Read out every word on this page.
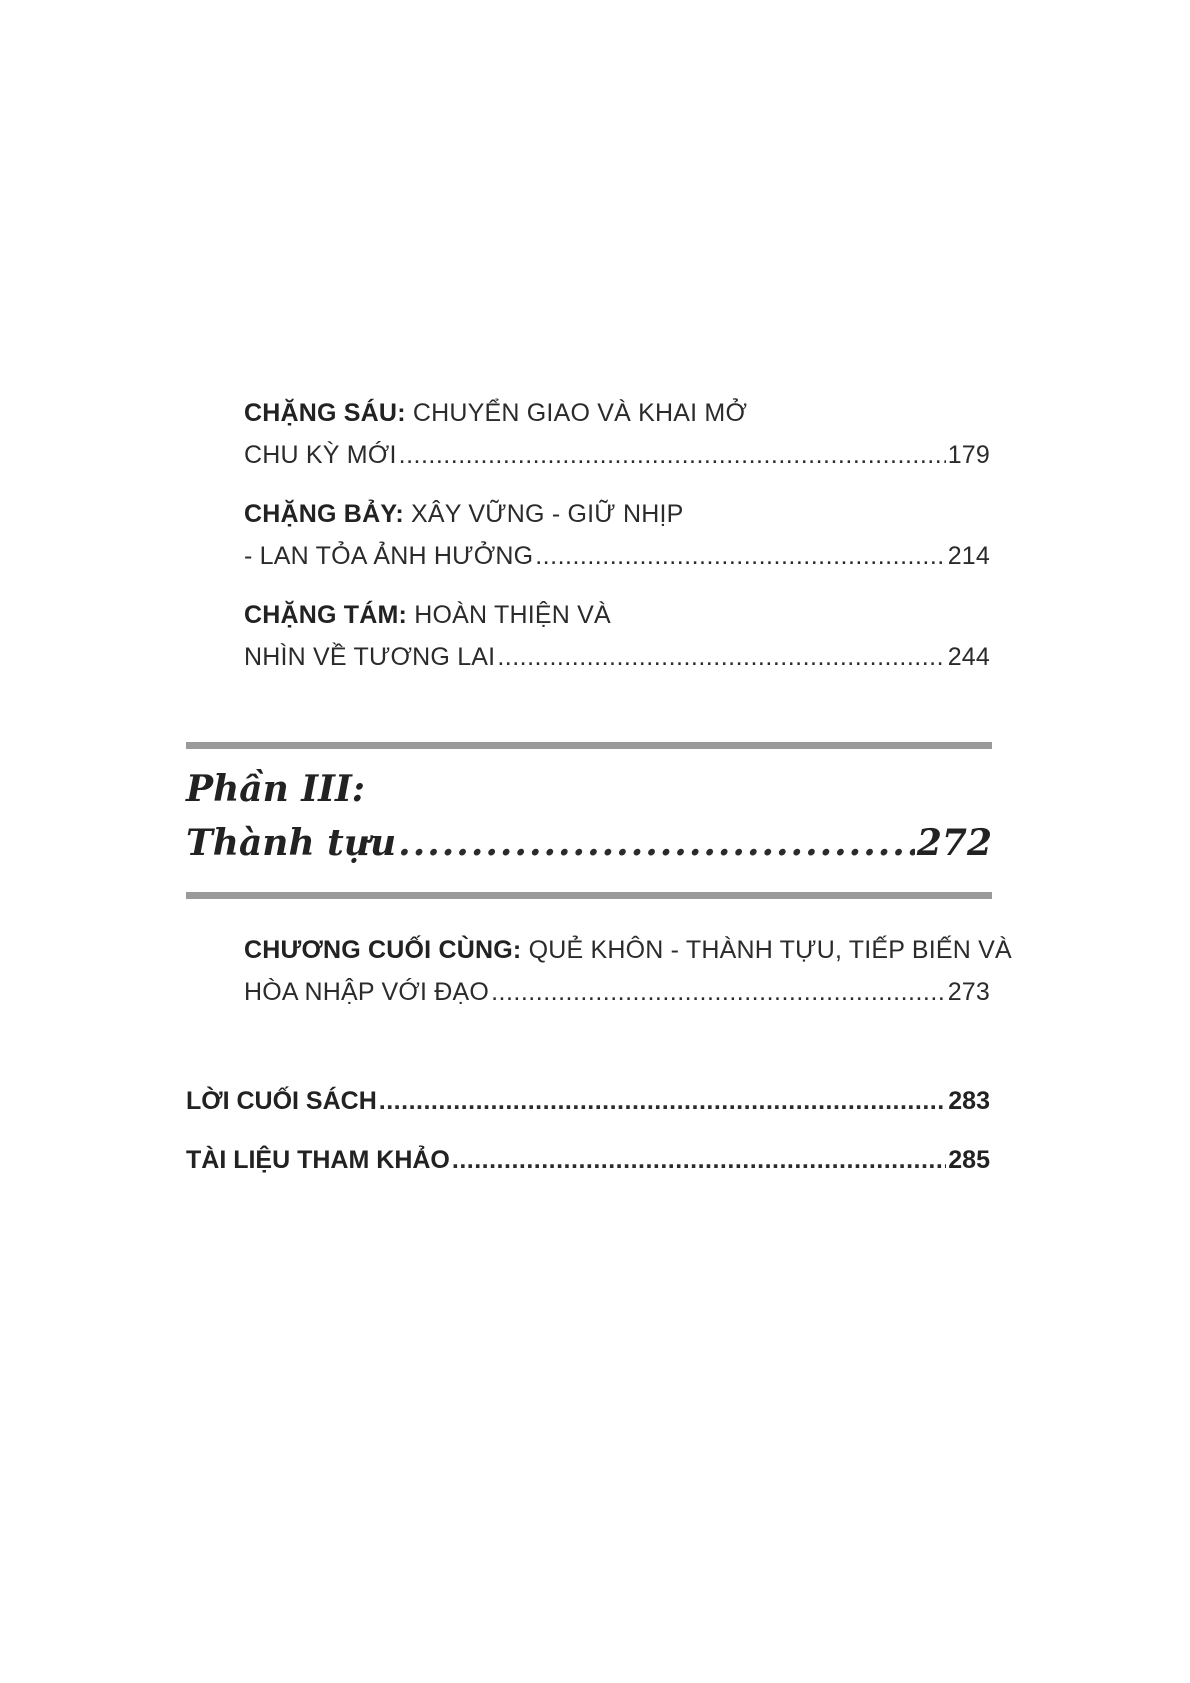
CHẶNG SÁU:
CHUYỂN GIAO VÀ KHAI MỞ
CHU KỲ MỚI .....	179
CHẶNG BẢY:
XÂY VỮNG - GIỮ NHỊP
- LAN TỎA ẢNH HƯỞNG .....	214
CHẶNG TÁM:
HOÀN THIỆN VÀ
NHÌN VỀ TƯƠNG LAI .....	244
Phần III:
Thành tựu .....	272
CHƯƠNG CUỐI CÙNG:
QUẺ KHÔN - THÀNH TỰU, TIẾP BIẾN VÀ
HÒA NHẬP VỚI ĐẠO .....	273
LỜI CUỐI SÁCH .....	283
TÀI LIỆU THAM KHẢO .....	285
